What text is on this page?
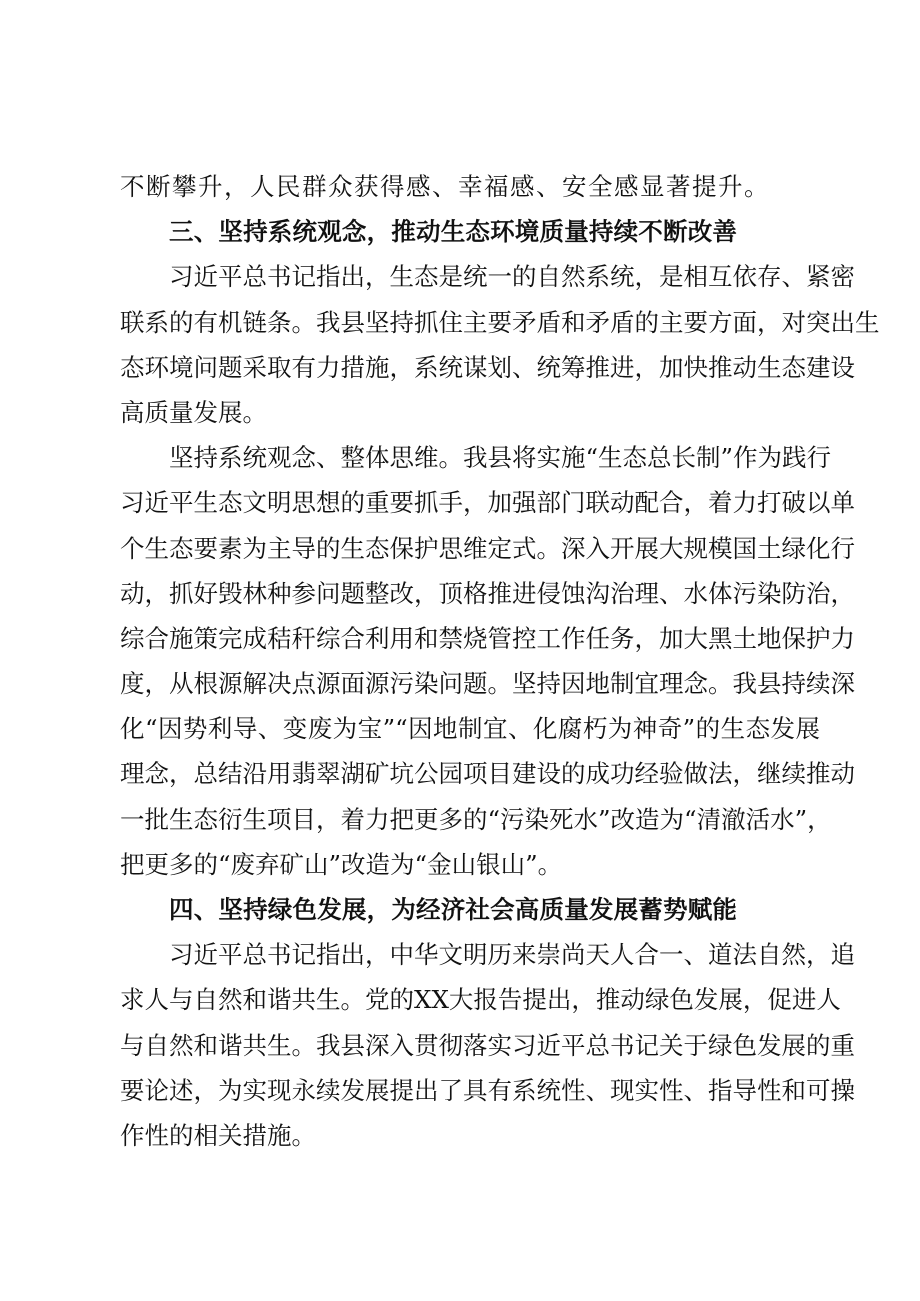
不断攀升，人民群众获得感、幸福感、安全感显著提升。
三、坚持系统观念，推动生态环境质量持续不断改善
习近平总书记指出，生态是统一的自然系统，是相互依存、紧密
联系的有机链条。我县坚持抓住主要矛盾和矛盾的主要方面，对突出生
态环境问题采取有力措施，系统谋划、统筹推进，加快推动生态建设
高质量发展。
坚持系统观念、整体思维。我县将实施“生态总长制”作为践行
习近平生态文明思想的重要抓手，加强部门联动配合，着力打破以单
个生态要素为主导的生态保护思维定式。深入开展大规模国土绿化行
动，抓好毁林种参问题整改，顶格推进侵蚀沟治理、水体污染防治，
综合施策完成秸秆综合利用和禁烧管控工作任务，加大黑土地保护力
度，从根源解决点源面源污染问题。坚持因地制宜理念。我县持续深
化“因势利导、变废为宝”“因地制宜、化腐朽为神奇”的生态发展
理念，总结沿用翡翠湖矿坑公园项目建设的成功经验做法，继续推动
一批生态衍生项目，着力把更多的“污染死水”改造为“清澈活水”，
把更多的“废弃矿山”改造为“金山银山”。
四、坚持绿色发展，为经济社会高质量发展蓄势赋能
习近平总书记指出，中华文明历来崇尚天人合一、道法自然，追
求人与自然和谐共生。党的XX大报告提出，推动绿色发展，促进人
与自然和谐共生。我县深入贯彻落实习近平总书记关于绿色发展的重
要论述，为实现永续发展提出了具有系统性、现实性、指导性和可操
作性的相关措施。
